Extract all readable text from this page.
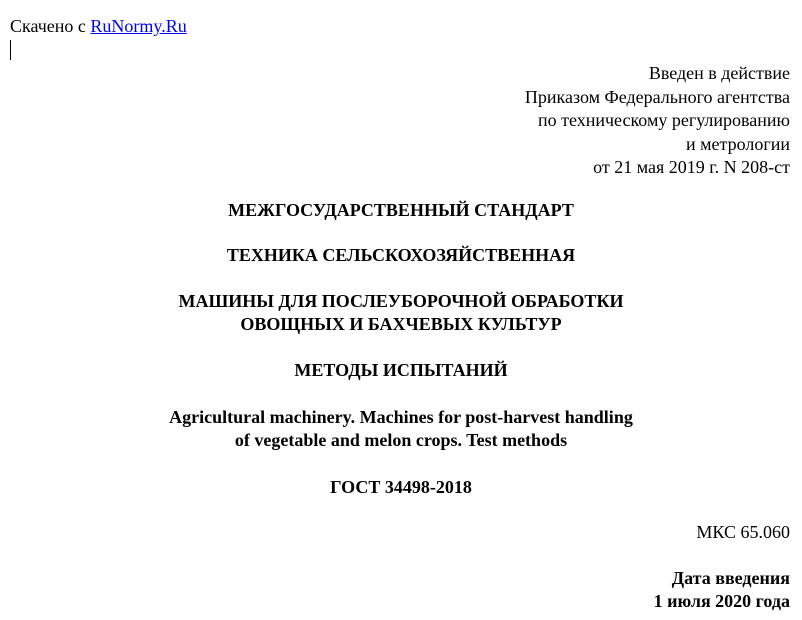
Скачено с RuNormy.Ru
Введен в действие
Приказом Федерального агентства
по техническому регулированию
и метрологии
от 21 мая 2019 г. N 208-ст
МЕЖГОСУДАРСТВЕННЫЙ СТАНДАРТ
ТЕХНИКА СЕЛЬСКОХОЗЯЙСТВЕННАЯ
МАШИНЫ ДЛЯ ПОСЛЕУБОРОЧНОЙ ОБРАБОТКИ
ОВОЩНЫХ И БАХЧЕВЫХ КУЛЬТУР
МЕТОДЫ ИСПЫТАНИЙ
Agricultural machinery. Machines for post-harvest handling
of vegetable and melon crops. Test methods
ГОСТ 34498-2018
МКС 65.060
Дата введения
1 июля 2020 года
